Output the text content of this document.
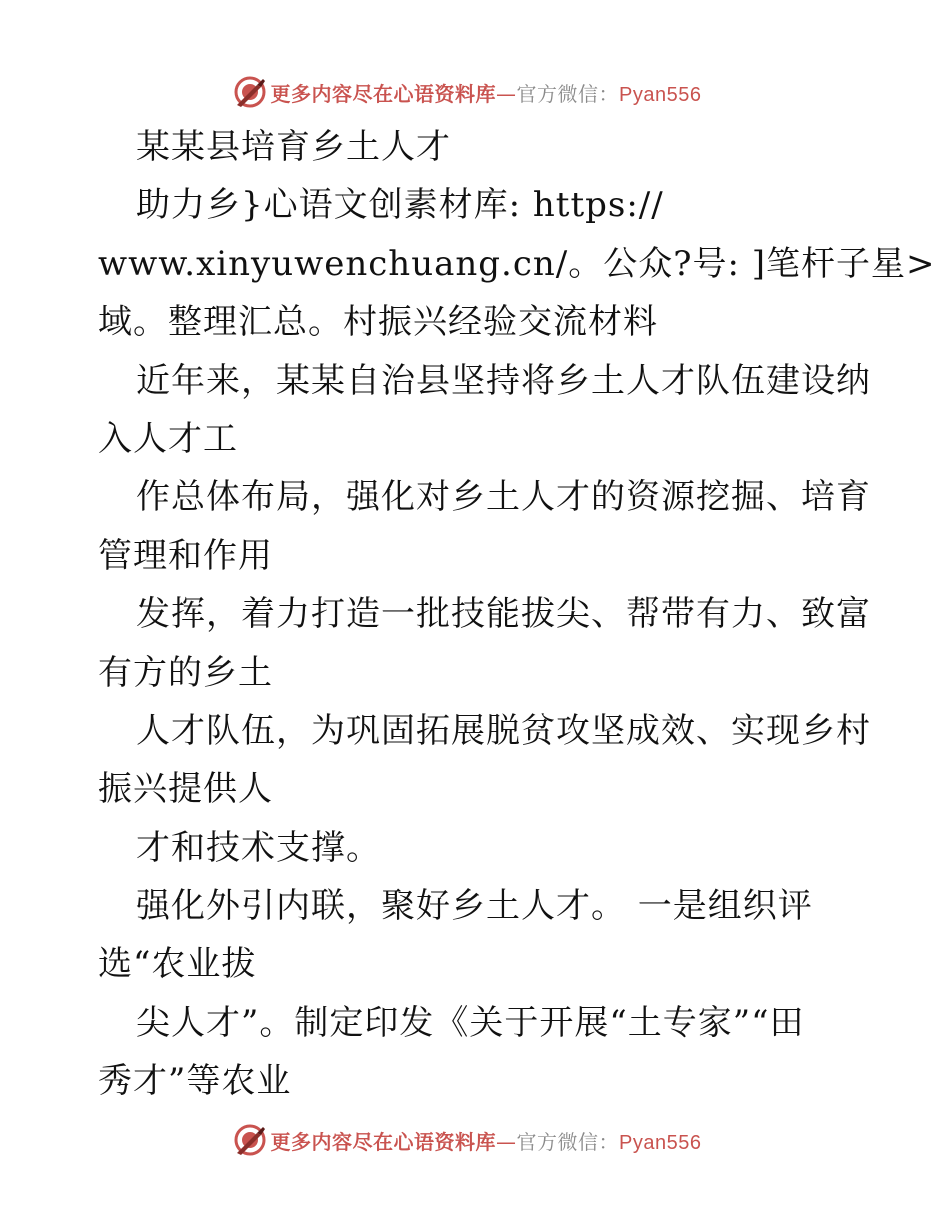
更多内容尽在心语资料库—官方微信：Pyan556
某某县培育乡土人才
助力乡}心语文创素材库: https://
www.xinyuwenchuang.cn/。公众?号: ]笔杆子星>
域。整理汇总。村振兴经验交流材料
近年来，某某自治县坚持将乡土人才队伍建设纳
入人才工
作总体布局，强化对乡土人才的资源挖掘、培育
管理和作用
发挥，着力打造一批技能拔尖、帮带有力、致富
有方的乡土
人才队伍，为巩固拓展脱贫攻坚成效、实现乡村
振兴提供人
才和技术支撑。
强化外引内联，聚好乡土人才。 一是组织评
选“农业拔
尖人才”。制定印发《关于开展“土专家”“田
秀才”等农业
更多内容尽在心语资料库—官方微信：Pyan556
